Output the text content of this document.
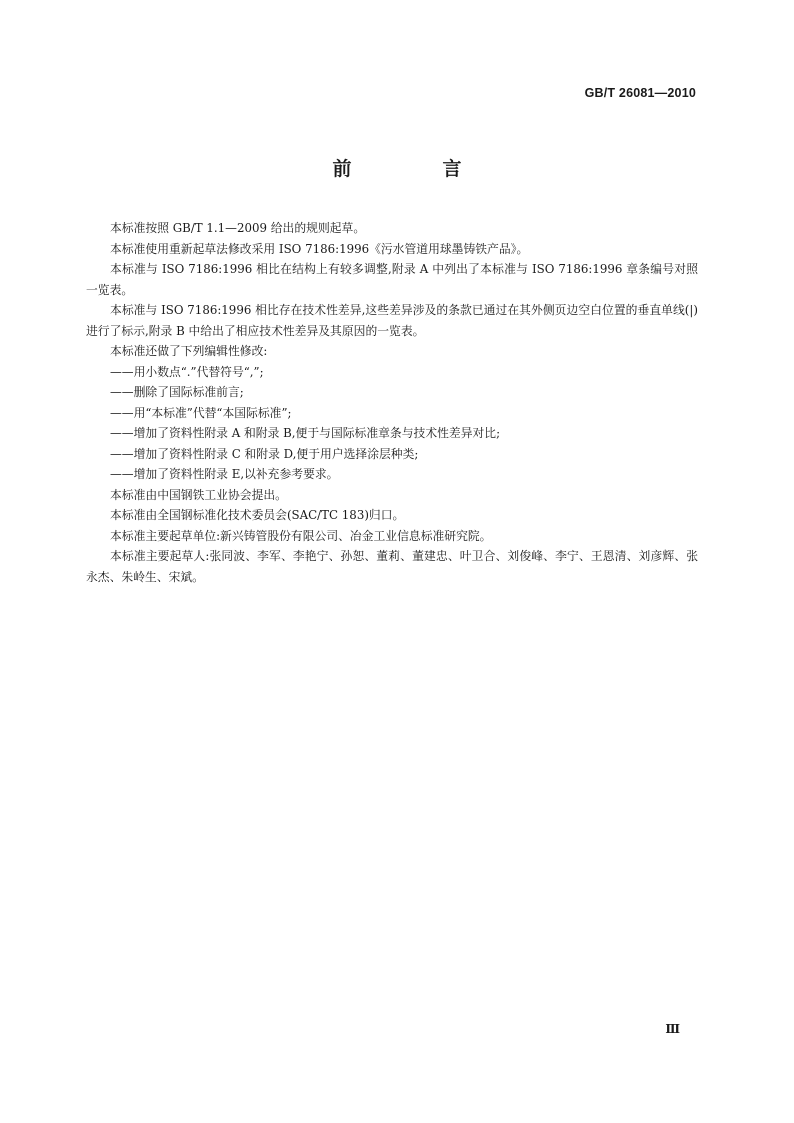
GB/T 26081—2010
前　言

本标准按照 GB/T 1.1—2009 给出的规则起草。

本标准使用重新起草法修改采用 ISO 7186:1996《污水管道用球墨铸铁产品》。

本标准与 ISO 7186:1996 相比在结构上有较多调整,附录 A 中列出了本标准与 ISO 7186:1996 章条编号对照一览表。

本标准与 ISO 7186:1996 相比存在技术性差异,这些差异涉及的条款已通过在其外侧页边空白位置的垂直单线(|)进行了标示,附录 B 中给出了相应技术性差异及其原因的一览表。

本标准还做了下列编辑性修改:

——用小数点“.”代替符号“,”;

——删除了国际标准前言;

——用“本标准”代替“本国际标准”;

——增加了资料性附录 A 和附录 B,便于与国际标准章条与技术性差异对比;

——增加了资料性附录 C 和附录 D,便于用户选择涂层种类;

——增加了资料性附录 E,以补充参考要求。

本标准由中国钢铁工业协会提出。

本标准由全国钢标准化技术委员会(SAC/TC 183)归口。

本标准主要起草单位:新兴铸管股份有限公司、冶金工业信息标准研究院。

本标准主要起草人:张同波、李军、李艳宁、孙恕、董莉、董建忠、叶卫合、刘俊峰、李宁、王恩清、刘彦辉、张永杰、朱岭生、宋斌。

Ⅲ
